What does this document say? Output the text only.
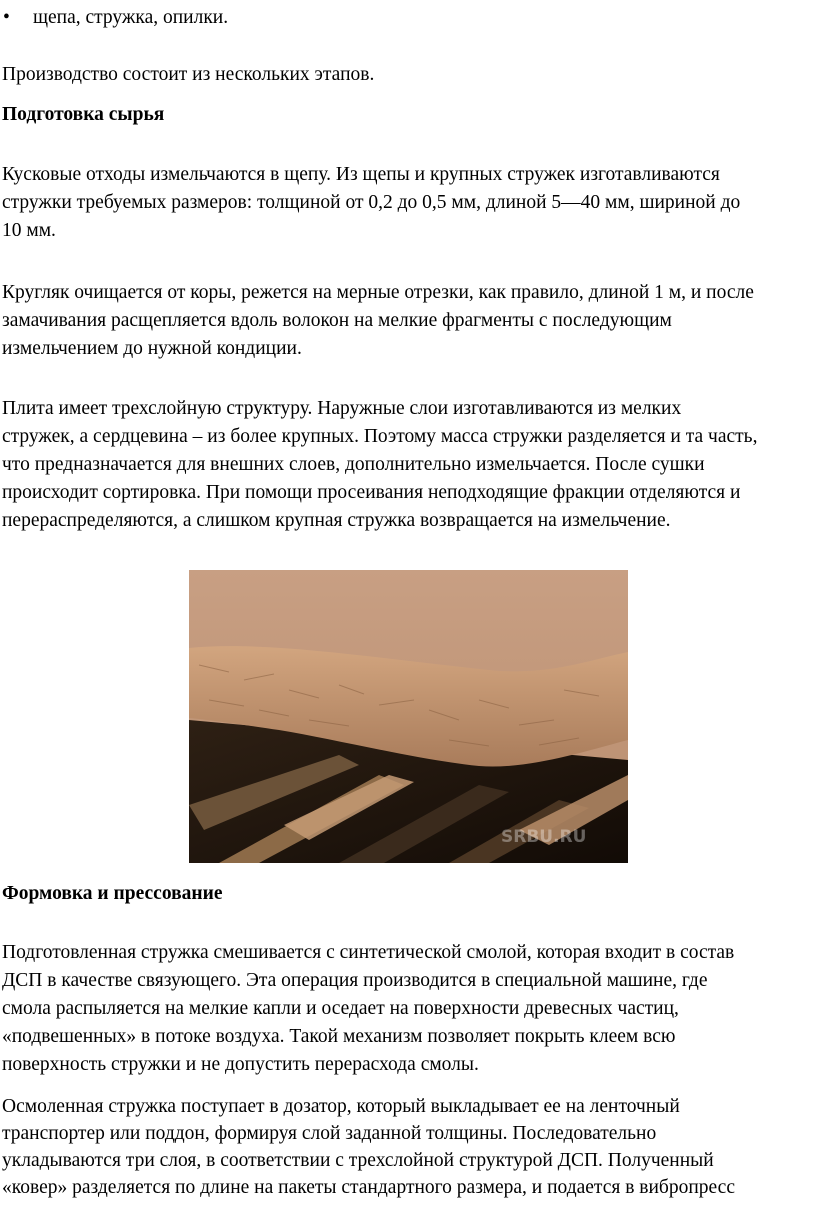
• щепа, стружка, опилки.

Производство состоит из нескольких этапов.

Подготовка сырья

Кусковые отходы измельчаются в щепу. Из щепы и крупных стружек изготавливаются

стружки требуемых размеров: толщиной от 0,2 до 0,5 мм, длиной 5—40 мм, шириной до

10 мм.

Кругляк очищается от коры, режется на мерные отрезки, как правило, длиной 1 м, и после

замачивания расщепляется вдоль волокон на мелкие фрагменты с последующим

измельчением до нужной кондиции.

Плита имеет трехслойную структуру. Наружные слои изготавливаются из мелких

стружек, а сердцевина – из более крупных. Поэтому масса стружки разделяется и та часть,

что предназначается для внешних слоев, дополнительно измельчается. После сушки

происходит сортировка. При помощи просеивания неподходящие фракции отделяются и

перераспределяются, а слишком крупная стружка возвращается на измельчение.

SRBU.RU

Формовка и прессование

Подготовленная стружка смешивается с синтетической смолой, которая входит в состав

ДСП в качестве связующего. Эта операция производится в специальной машине, где

смола распыляется на мелкие капли и оседает на поверхности древесных частиц,

«подвешенных» в потоке воздуха. Такой механизм позволяет покрыть клеем всю

поверхность стружки и не допустить перерасхода смолы.

Осмоленная стружка поступает в дозатор, который выкладывает ее на ленточный

транспортер или поддон, формируя слой заданной толщины. Последовательно

укладываются три слоя, в соответствии с трехслойной структурой ДСП. Полученный

«ковер» разделяется по длине на пакеты стандартного размера, и подается в вибропресс
